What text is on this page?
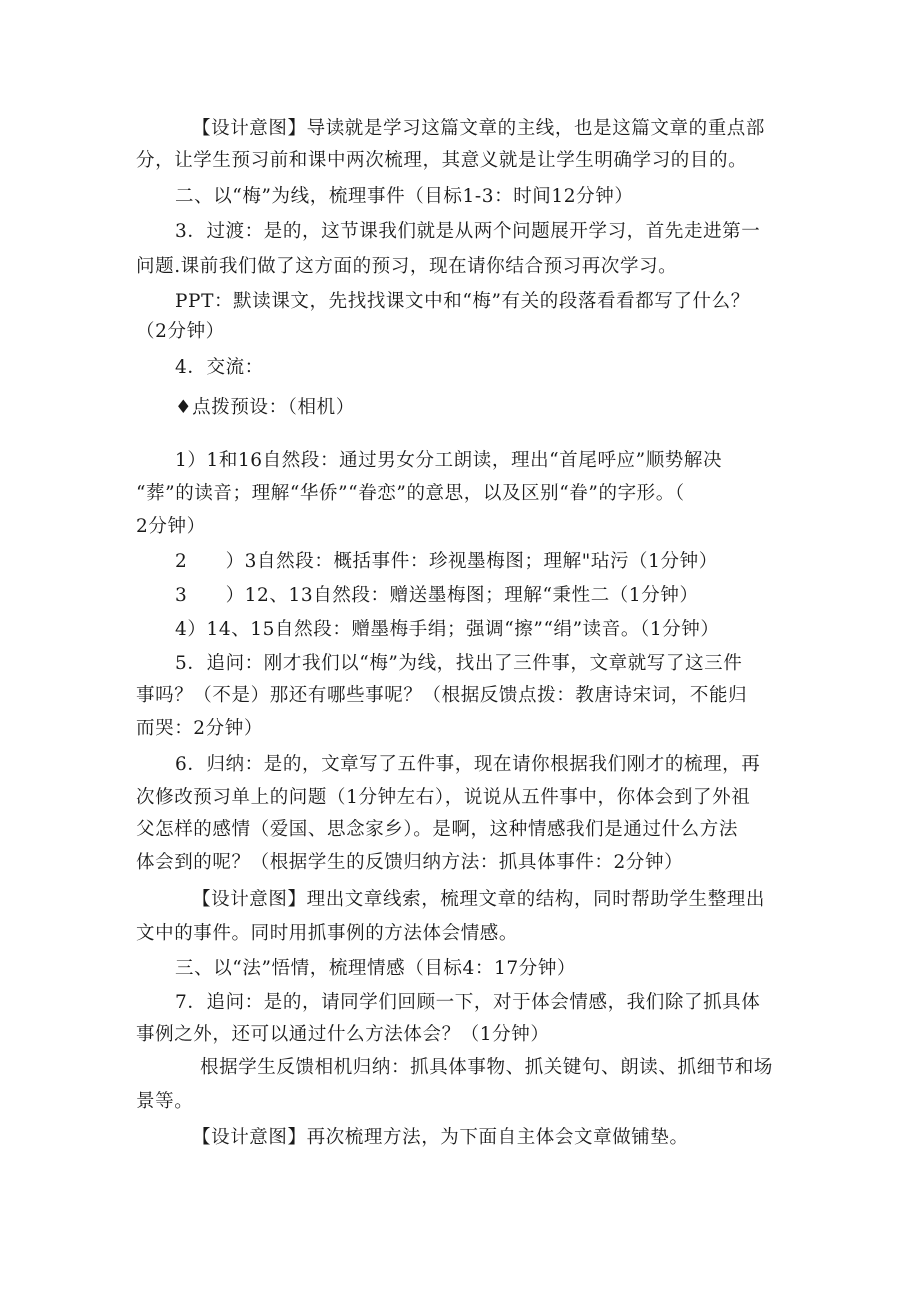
【设计意图】导读就是学习这篇文章的主线，也是这篇文章的重点部
分，让学生预习前和课中两次梳理，其意义就是让学生明确学习的目的。
二、以“梅”为线，梳理事件（目标1-3：时间12分钟）
3．过渡：是的，这节课我们就是从两个问题展开学习，首先走进第一
问题.课前我们做了这方面的预习，现在请你结合预习再次学习。
PPT：默读课文，先找找课文中和“梅”有关的段落看看都写了什么？
（2分钟）
4．交流：
♦点拨预设：（相机）
1）1和16自然段：通过男女分工朗读，理出“首尾呼应”顺势解决
“葬”的读音；理解“华侨”“眷恋”的意思，以及区别“眷”的字形。（
2分钟）
2　　）3自然段：概括事件：珍视墨梅图；理解"玷污（1分钟）
3　　）12、13自然段：赠送墨梅图；理解“秉性二（1分钟）
4）14、15自然段：赠墨梅手绢；强调“擦”“绢”读音。（1分钟）
5．追问：刚才我们以“梅”为线，找出了三件事，文章就写了这三件
事吗？（不是）那还有哪些事呢？（根据反馈点拨：教唐诗宋词，不能归
而哭：2分钟）
6．归纳：是的，文章写了五件事，现在请你根据我们刚才的梳理，再
次修改预习单上的问题（1分钟左右），说说从五件事中，你体会到了外祖
父怎样的感情（爱国、思念家乡）。是啊，这种情感我们是通过什么方法
体会到的呢？（根据学生的反馈归纳方法：抓具体事件：2分钟）
【设计意图】理出文章线索，梳理文章的结构，同时帮助学生整理出
文中的事件。同时用抓事例的方法体会情感。
三、以“法”悟情，梳理情感（目标4：17分钟）
7．追问：是的，请同学们回顾一下，对于体会情感，我们除了抓具体
事例之外，还可以通过什么方法体会？（1分钟）
根据学生反馈相机归纳：抓具体事物、抓关键句、朗读、抓细节和场
景等。
【设计意图】再次梳理方法，为下面自主体会文章做铺垫。
